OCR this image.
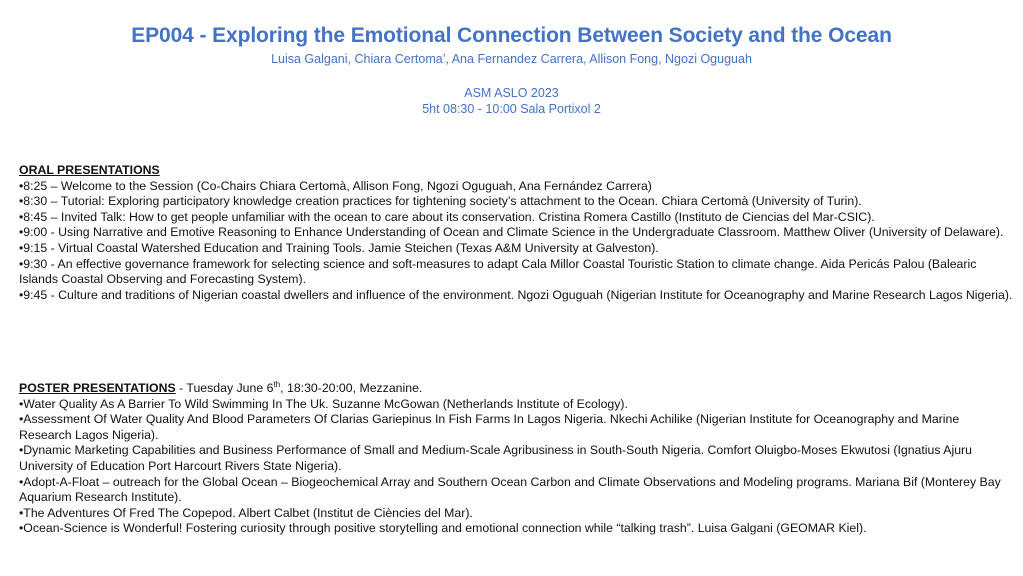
EP004 - Exploring the Emotional Connection Between Society and the Ocean
Luisa Galgani, Chiara Certoma’, Ana Fernandez Carrera, Allison Fong, Ngozi Oguguah
ASM ASLO 2023
5ht 08:30 - 10:00 Sala Portixol 2
ORAL PRESENTATIONS

•8:25 – Welcome to the Session (Co-Chairs Chiara Certomà, Allison Fong, Ngozi Oguguah, Ana Fernández Carrera)

•8:30 – Tutorial: Exploring participatory knowledge creation practices for tightening society’s attachment to the Ocean. Chiara Certomà (University of Turin).

•8:45 – Invited Talk: How to get people unfamiliar with the ocean to care about its conservation. Cristina Romera Castillo (Instituto de Ciencias del Mar-CSIC).

•9:00 - Using Narrative and Emotive Reasoning to Enhance Understanding of Ocean and Climate Science in the Undergraduate Classroom. Matthew Oliver (University of Delaware).

•9:15 - Virtual Coastal Watershed Education and Training Tools. Jamie Steichen (Texas A&M University at Galveston).

•9:30 - An effective governance framework for selecting science and soft-measures to adapt Cala Millor Coastal Touristic Station to climate change. Aida Pericás Palou (Balearic Islands Coastal Observing and Forecasting System).

•9:45 - Culture and traditions of Nigerian coastal dwellers and influence of the environment. Ngozi Oguguah (Nigerian Institute for Oceanography and Marine Research Lagos Nigeria).

POSTER PRESENTATIONS - Tuesday June 6th, 18:30-20:00, Mezzanine.

•Water Quality As A Barrier To Wild Swimming In The Uk. Suzanne McGowan (Netherlands Institute of Ecology).

•Assessment Of Water Quality And Blood Parameters Of Clarias Gariepinus In Fish Farms In Lagos Nigeria. Nkechi Achilike (Nigerian Institute for Oceanography and Marine Research Lagos Nigeria).

•Dynamic Marketing Capabilities and Business Performance of Small and Medium-Scale Agribusiness in South-South Nigeria. Comfort Oluigbo-Moses Ekwutosi (Ignatius Ajuru University of Education Port Harcourt Rivers State Nigeria).

•Adopt-A-Float – outreach for the Global Ocean – Biogeochemical Array and Southern Ocean Carbon and Climate Observations and Modeling programs. Mariana Bif (Monterey Bay Aquarium Research Institute).

•The Adventures Of Fred The Copepod. Albert Calbet (Institut de Ciències del Mar).

•Ocean-Science is Wonderful! Fostering curiosity through positive storytelling and emotional connection while “talking trash”. Luisa Galgani (GEOMAR Kiel).
